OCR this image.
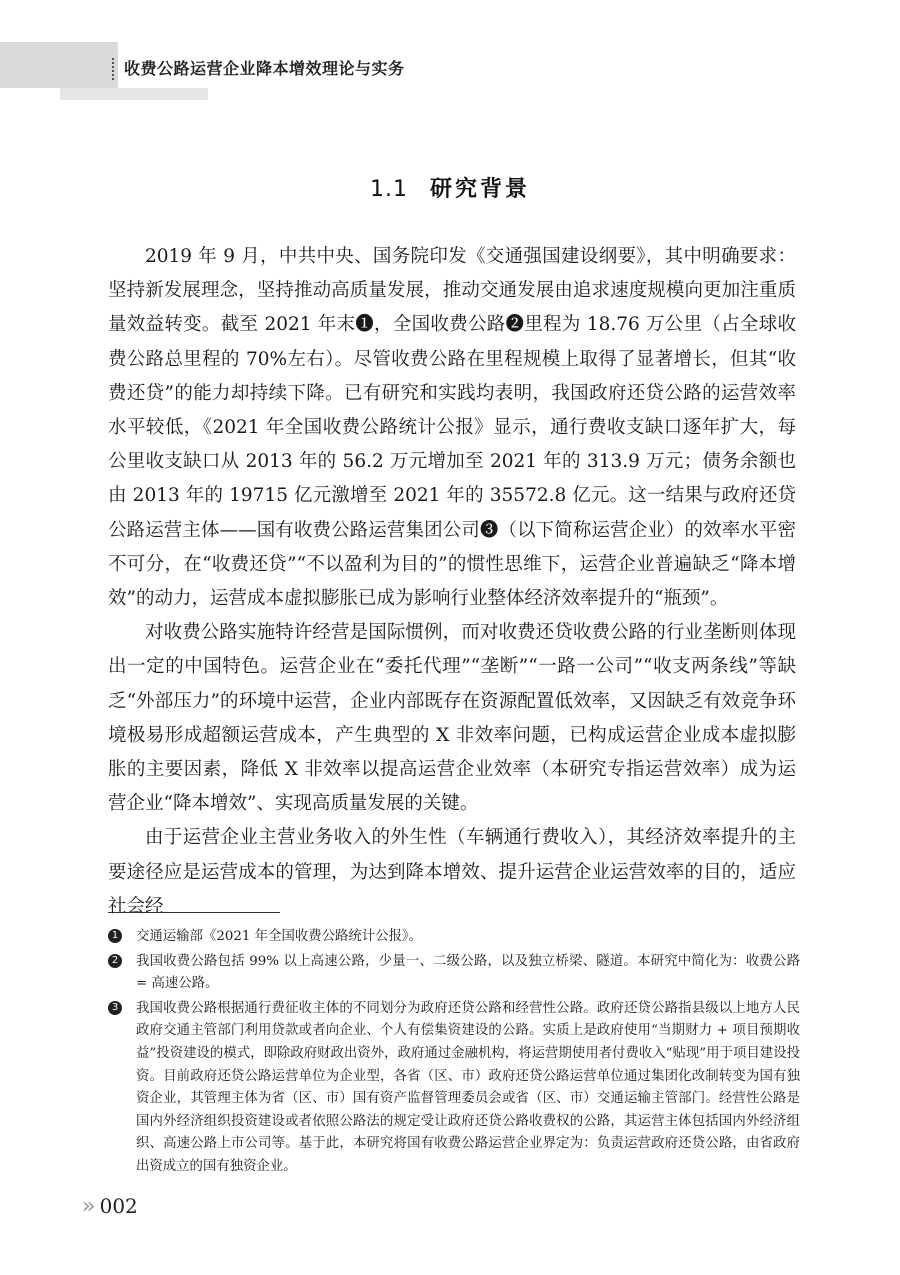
收费公路运营企业降本增效理论与实务
1.1 研究背景

2019 年 9 月，中共中央、国务院印发《交通强国建设纲要》，其中明确要求：坚持新发展理念，坚持推动高质量发展，推动交通发展由追求速度规模向更加注重质量效益转变。截至 2021 年末❶，全国收费公路❷里程为 18.76 万公里（占全球收费公路总里程的 70%左右）。尽管收费公路在里程规模上取得了显著增长，但其“收费还贷”的能力却持续下降。已有研究和实践均表明，我国政府还贷公路的运营效率水平较低，《2021 年全国收费公路统计公报》显示，通行费收支缺口逐年扩大，每公里收支缺口从 2013 年的 56.2 万元增加至 2021 年的 313.9 万元；债务余额也由 2013 年的 19715 亿元激增至 2021 年的 35572.8 亿元。这一结果与政府还贷公路运营主体——国有收费公路运营集团公司❸（以下简称运营企业）的效率水平密不可分，在“收费还贷”“不以盈利为目的”的惯性思维下，运营企业普遍缺乏“降本增效”的动力，运营成本虚拟膨胀已成为影响行业整体经济效率提升的“瓶颈”。

对收费公路实施特许经营是国际惯例，而对收费还贷收费公路的行业垄断则体现出一定的中国特色。运营企业在“委托代理”“垄断”“一路一公司”“收支两条线”等缺乏“外部压力”的环境中运营，企业内部既存在资源配置低效率，又因缺乏有效竞争环境极易形成超额运营成本，产生典型的 X 非效率问题，已构成运营企业成本虚拟膨胀的主要因素，降低 X 非效率以提高运营企业效率（本研究专指运营效率）成为运营企业“降本增效”、实现高质量发展的关键。

由于运营企业主营业务收入的外生性（车辆通行费收入），其经济效率提升的主要途径应是运营成本的管理，为达到降本增效、提升运营企业运营效率的目的，适应社会经

1 交通运输部《2021 年全国收费公路统计公报》。
2 我国收费公路包括 99% 以上高速公路，少量一、二级公路，以及独立桥梁、隧道。本研究中简化为：收费公路 = 高速公路。
3 我国收费公路根据通行费征收主体的不同划分为政府还贷公路和经营性公路。政府还贷公路指县级以上地方人民政府交通主管部门利用贷款或者向企业、个人有偿集资建设的公路。实质上是政府使用“当期财力 + 项目预期收益”投资建设的模式，即除政府财政出资外，政府通过金融机构，将运营期使用者付费收入“贴现”用于项目建设投资。目前政府还贷公路运营单位为企业型，各省（区、市）政府还贷公路运营单位通过集团化改制转变为国有独资企业，其管理主体为省（区、市）国有资产监督管理委员会或省（区、市）交通运输主管部门。经营性公路是国内外经济组织投资建设或者依照公路法的规定受让政府还贷公路收费权的公路，其运营主体包括国内外经济组织、高速公路上市公司等。基于此，本研究将国有收费公路运营企业界定为：负责运营政府还贷公路，由省政府出资成立的国有独资企业。
›› 002
